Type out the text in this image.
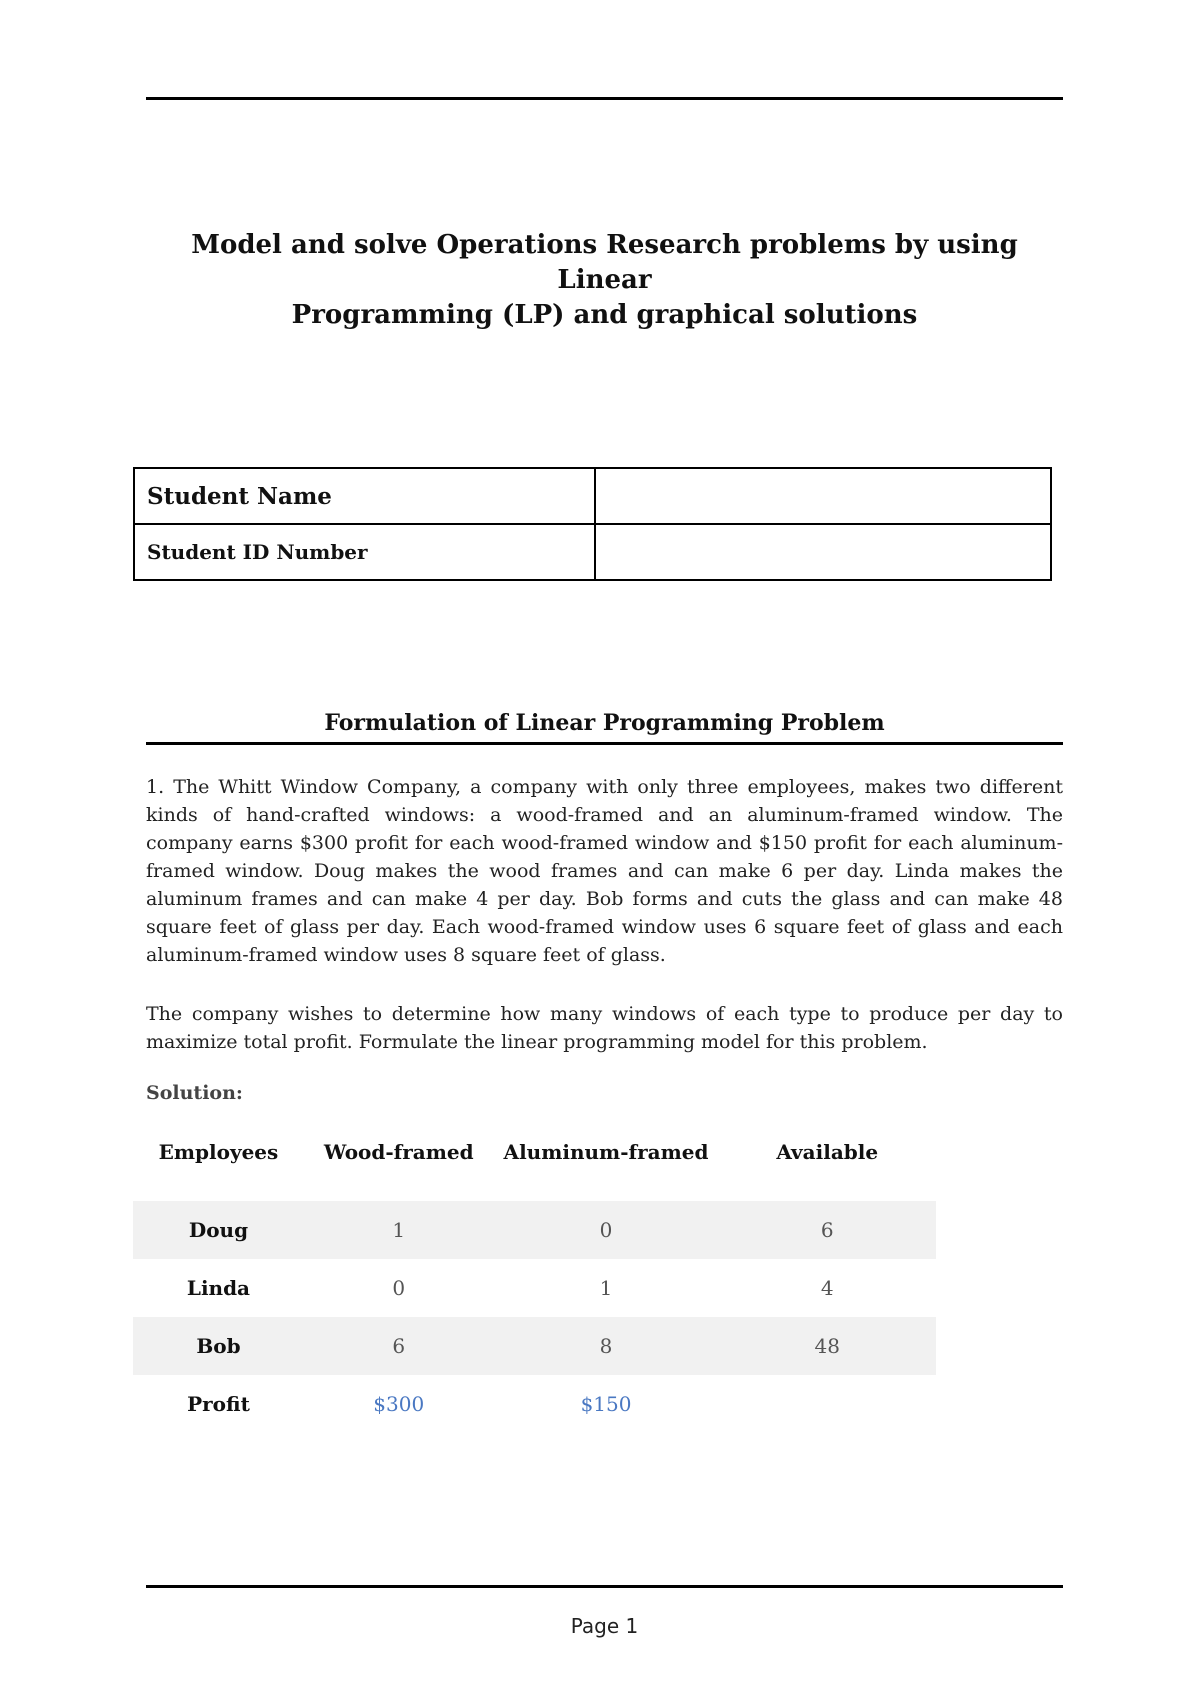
Model and solve Operations Research problems by using Linear
Programming (LP) and graphical solutions
Student Name	
Student ID Number	
Formulation of Linear Programming Problem

1. The Whitt Window Company, a company with only three employees, makes two different kinds of hand-crafted windows: a wood-framed and an aluminum-framed window. The company earns $300 profit for each wood-framed window and $150 profit for each aluminum-framed window. Doug makes the wood frames and can make 6 per day. Linda makes the aluminum frames and can make 4 per day. Bob forms and cuts the glass and can make 48 square feet of glass per day. Each wood-framed window uses 6 square feet of glass and each aluminum-framed window uses 8 square feet of glass.

The company wishes to determine how many windows of each type to produce per day to maximize total profit. Formulate the linear programming model for this problem.

Solution:
Employees	Wood-framed	Aluminum-framed	Available
Doug	1	0	6
Linda	0	1	4
Bob	6	8	48
Profit	$300	$150	
Page 1
